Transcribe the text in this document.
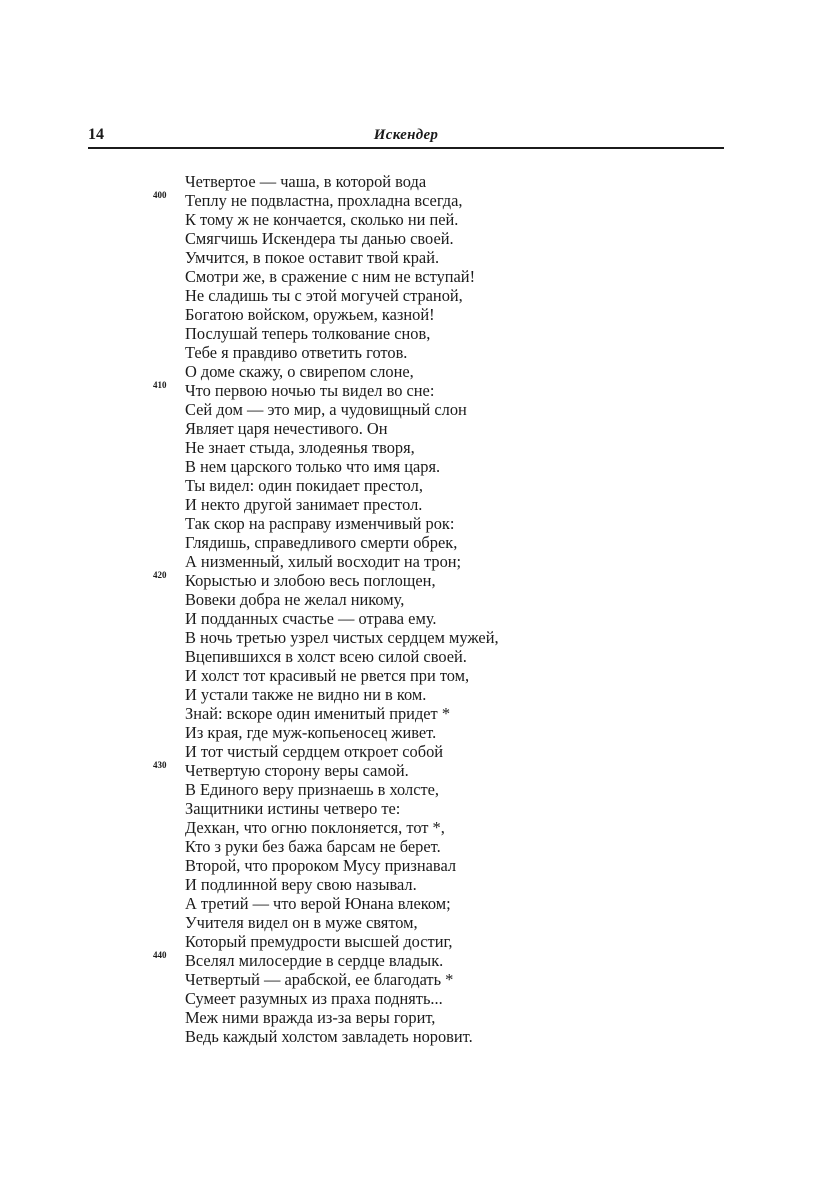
14	Искендер
Четвертое — чаша, в которой вода
400 Теплу не подвластна, прохладна всегда,
К тому ж не кончается, сколько ни пей.
Смягчишь Искендера ты данью своей.
Умчится, в покое оставит твой край.
Смотри же, в сражение с ним не вступай!
Не сладишь ты с этой могучей страной,
Богатою войском, оружьем, казной!
Послушай теперь толкование снов,
Тебе я правдиво ответить готов.
О доме скажу, о свирепом слоне,
410 Что первою ночью ты видел во сне:
Сей дом — это мир, а чудовищный слон
Являет царя нечестивого. Он
Не знает стыда, злодеянья творя,
В нем царского только что имя царя.
Ты видел: один покидает престол,
И некто другой занимает престол.
Так скор на расправу изменчивый рок:
Глядишь, справедливого смерти обрек,
А низменный, хилый восходит на трон;
420 Корыстью и злобою весь поглощен,
Вовеки добра не желал никому,
И подданных счастье — отрава ему.
В ночь третью узрел чистых сердцем мужей,
Вцепившихся в холст всею силой своей.
И холст тот красивый не рвется при том,
И устали также не видно ни в ком.
Знай: вскоре один именитый придет *
Из края, где муж-копьеносец живет.
И тот чистый сердцем откроет собой
430 Четвертую сторону веры самой.
В Единого веру признаешь в холсте,
Защитники истины четверо те:
Дехкан, что огню поклоняется, тот *,
Кто з руки без бажа барсам не берет.
Второй, что пророком Мусу признавал
И подлинной веру свою называл.
А третий — что верой Юнана влеком;
Учителя видел он в муже святом,
Который премудрости высшей достиг,
440 Вселял милосердие в сердце владык.
Четвертый — арабской, ее благодать *
Сумеет разумных из праха поднять...
Меж ними вражда из-за веры горит,
Ведь каждый холстом завладеть норовит.
